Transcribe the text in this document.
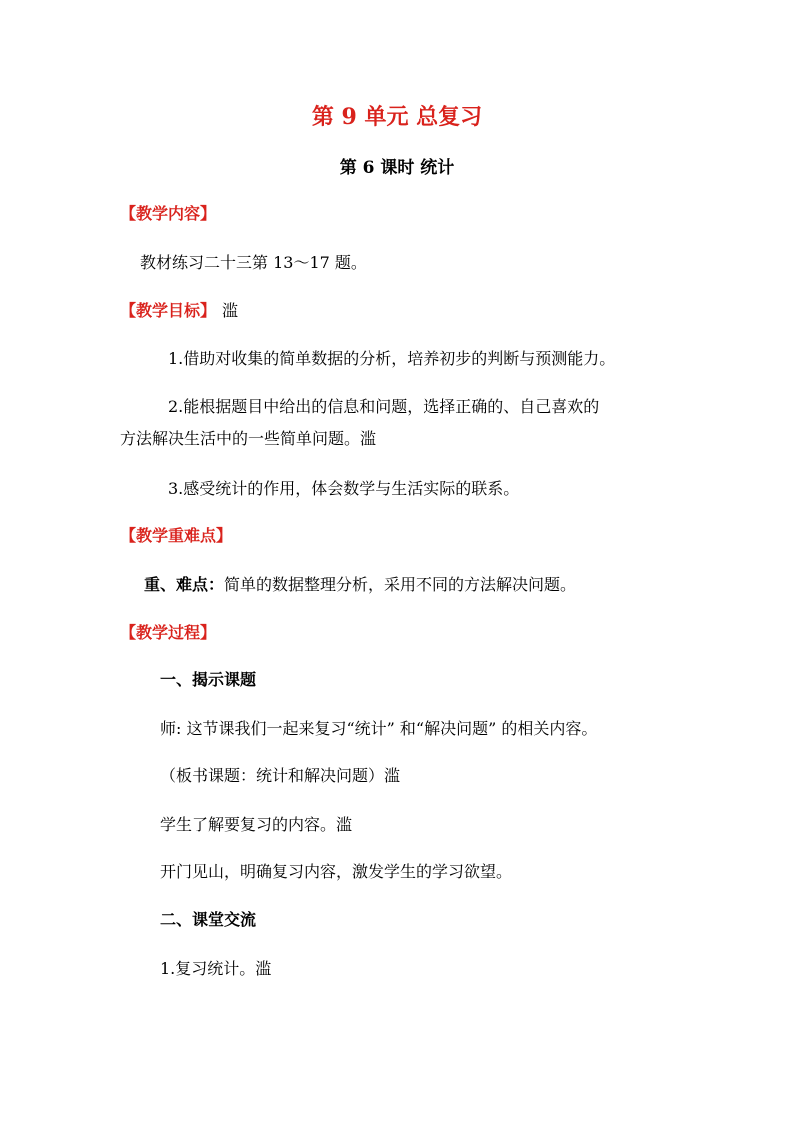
第 9 单元 总复习
第 6 课时 统计
【教学内容】
教材练习二十三第 13～17 题。
【教学目标】 滥
1.借助对收集的简单数据的分析，培养初步的判断与预测能力。
2.能根据题目中给出的信息和问题，选择正确的、自己喜欢的
方法解决生活中的一些简单问题。滥
3.感受统计的作用，体会数学与生活实际的联系。
【教学重难点】
重、难点：简单的数据整理分析，采用不同的方法解决问题。
【教学过程】
一、揭示课题
师: 这节课我们一起来复习“统计” 和“解决问题” 的相关内容。
（板书课题：统计和解决问题）滥
学生了解要复习的内容。滥
开门见山，明确复习内容，激发学生的学习欲望。
二、课堂交流
1.复习统计。滥
